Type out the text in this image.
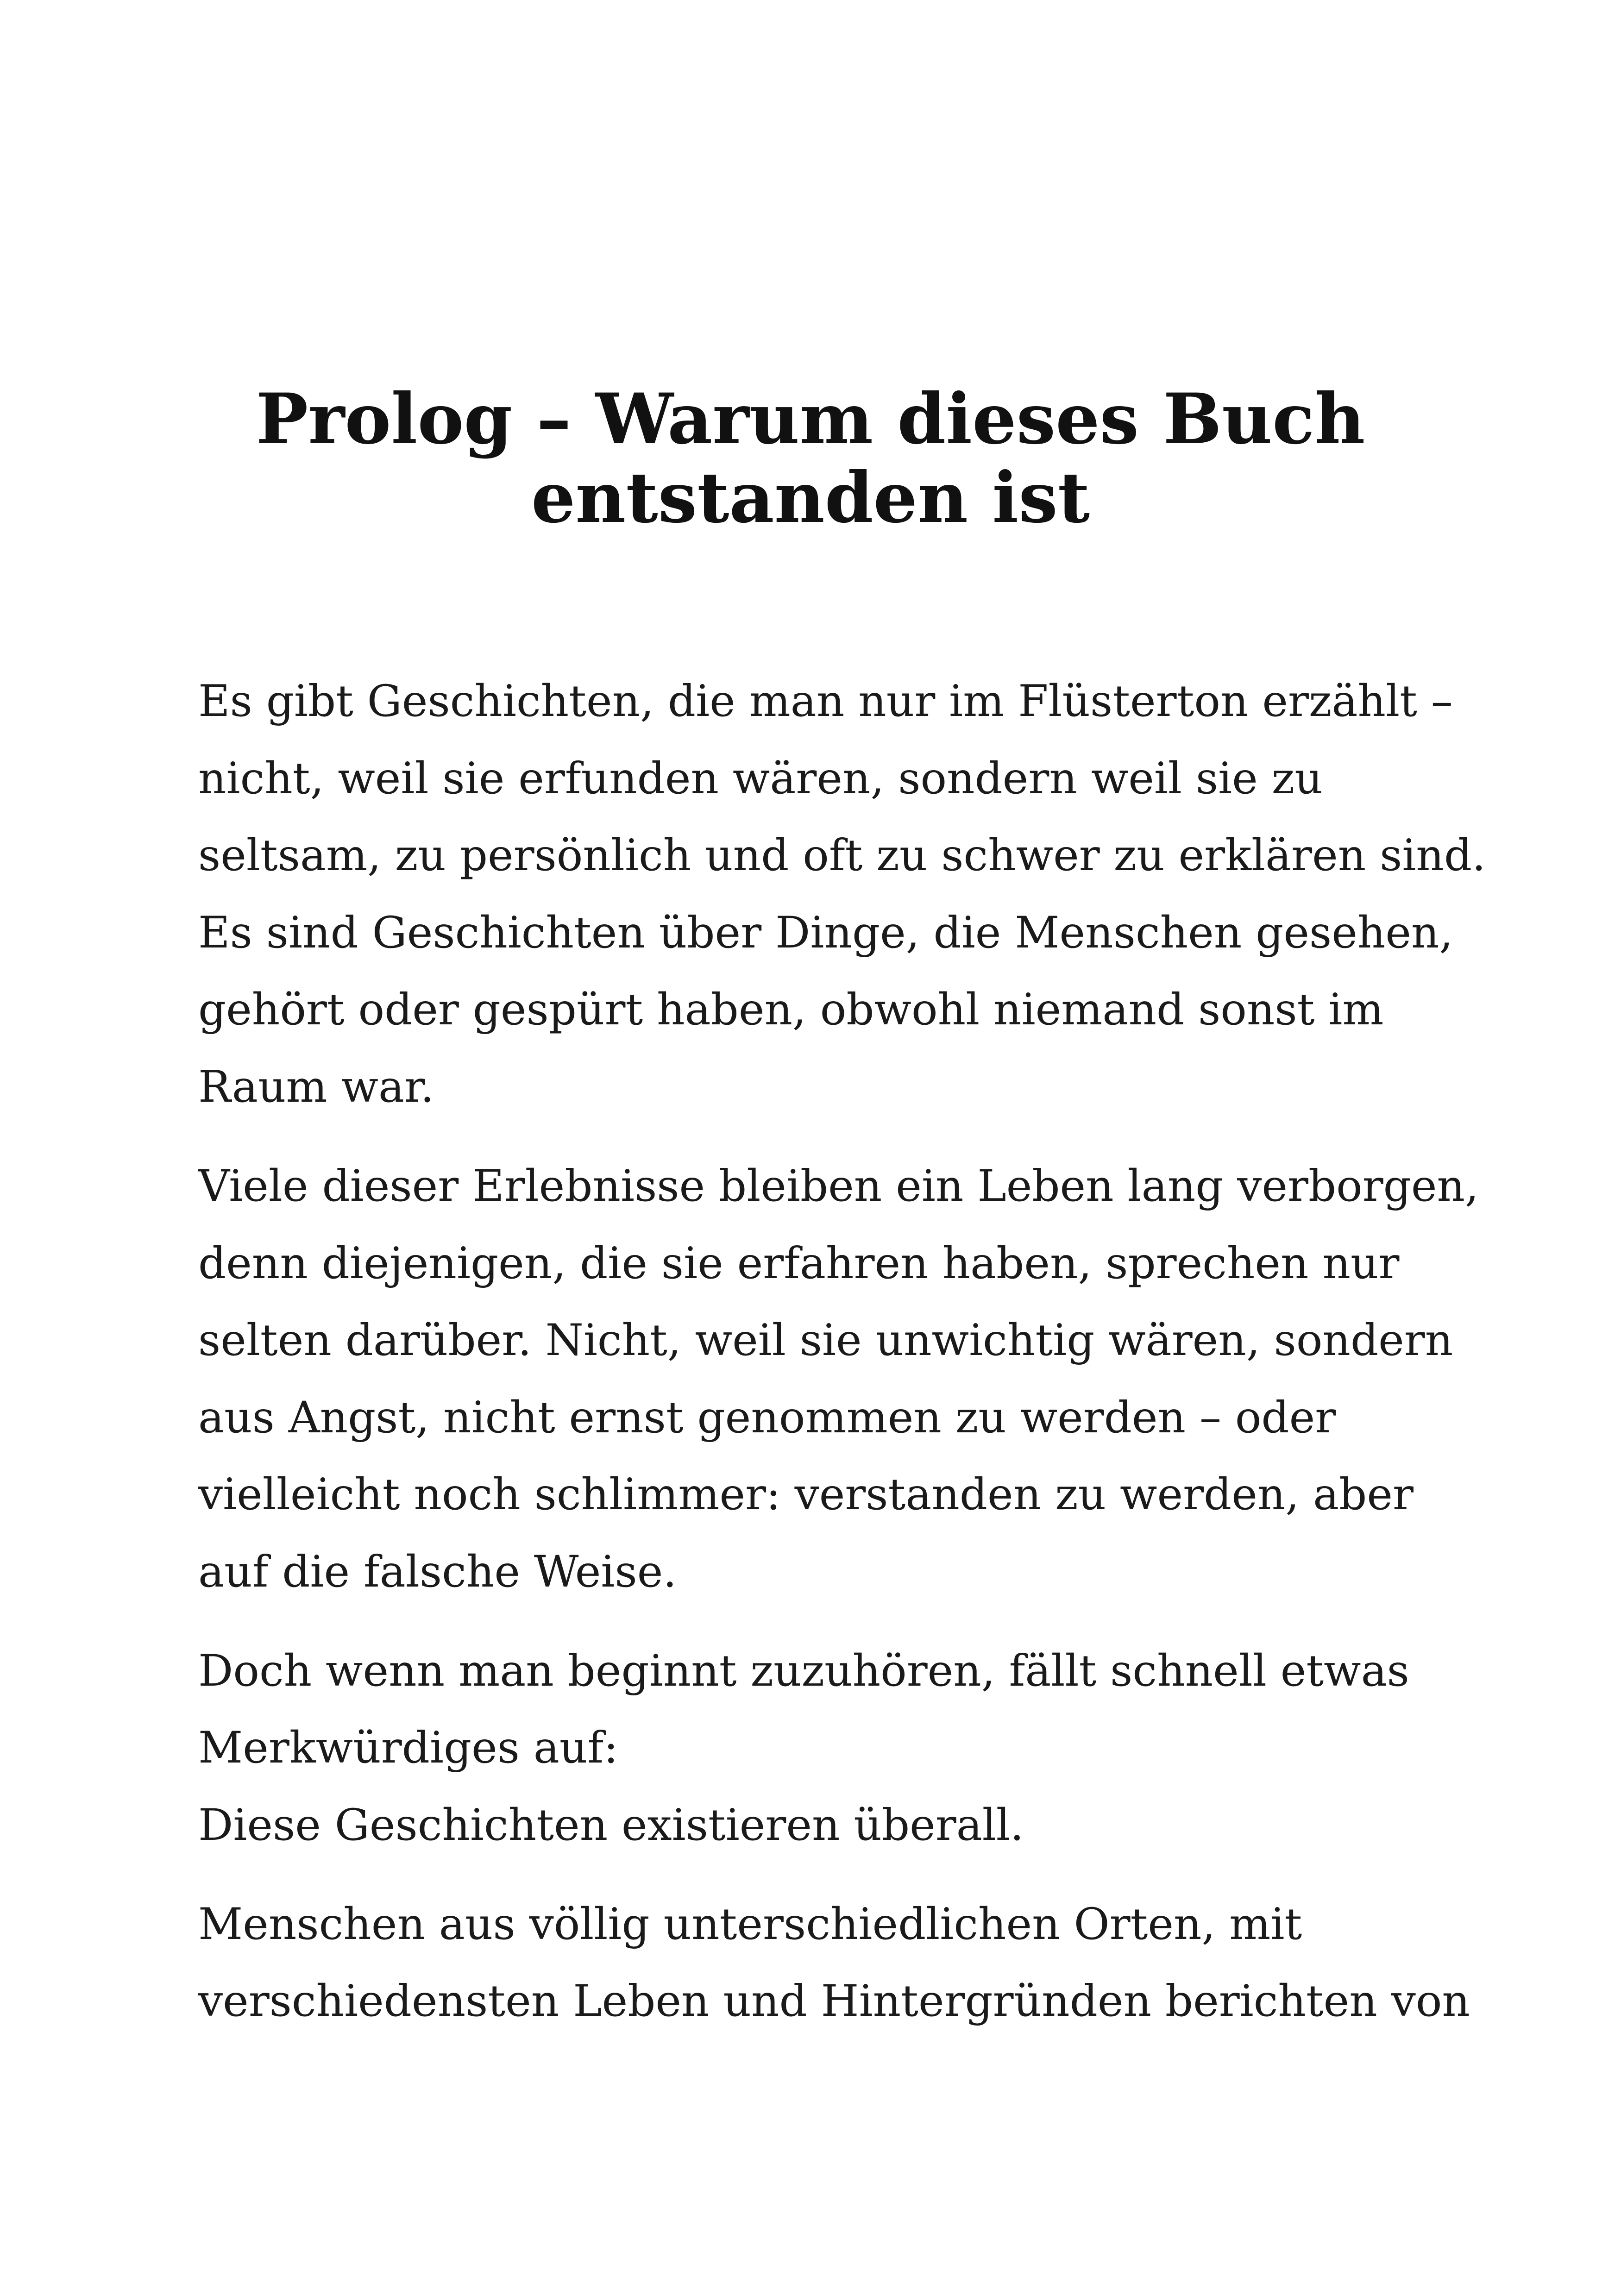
Prolog – Warum dieses Buch
entstanden ist

Es gibt Geschichten, die man nur im Flüsterton erzählt –

nicht, weil sie erfunden wären, sondern weil sie zu

seltsam, zu persönlich und oft zu schwer zu erklären sind.

Es sind Geschichten über Dinge, die Menschen gesehen,

gehört oder gespürt haben, obwohl niemand sonst im

Raum war.

Viele dieser Erlebnisse bleiben ein Leben lang verborgen,

denn diejenigen, die sie erfahren haben, sprechen nur

selten darüber. Nicht, weil sie unwichtig wären, sondern

aus Angst, nicht ernst genommen zu werden – oder

vielleicht noch schlimmer: verstanden zu werden, aber

auf die falsche Weise.

Doch wenn man beginnt zuzuhören, fällt schnell etwas

Merkwürdiges auf:

Diese Geschichten existieren überall.

Menschen aus völlig unterschiedlichen Orten, mit

verschiedensten Leben und Hintergründen berichten von
